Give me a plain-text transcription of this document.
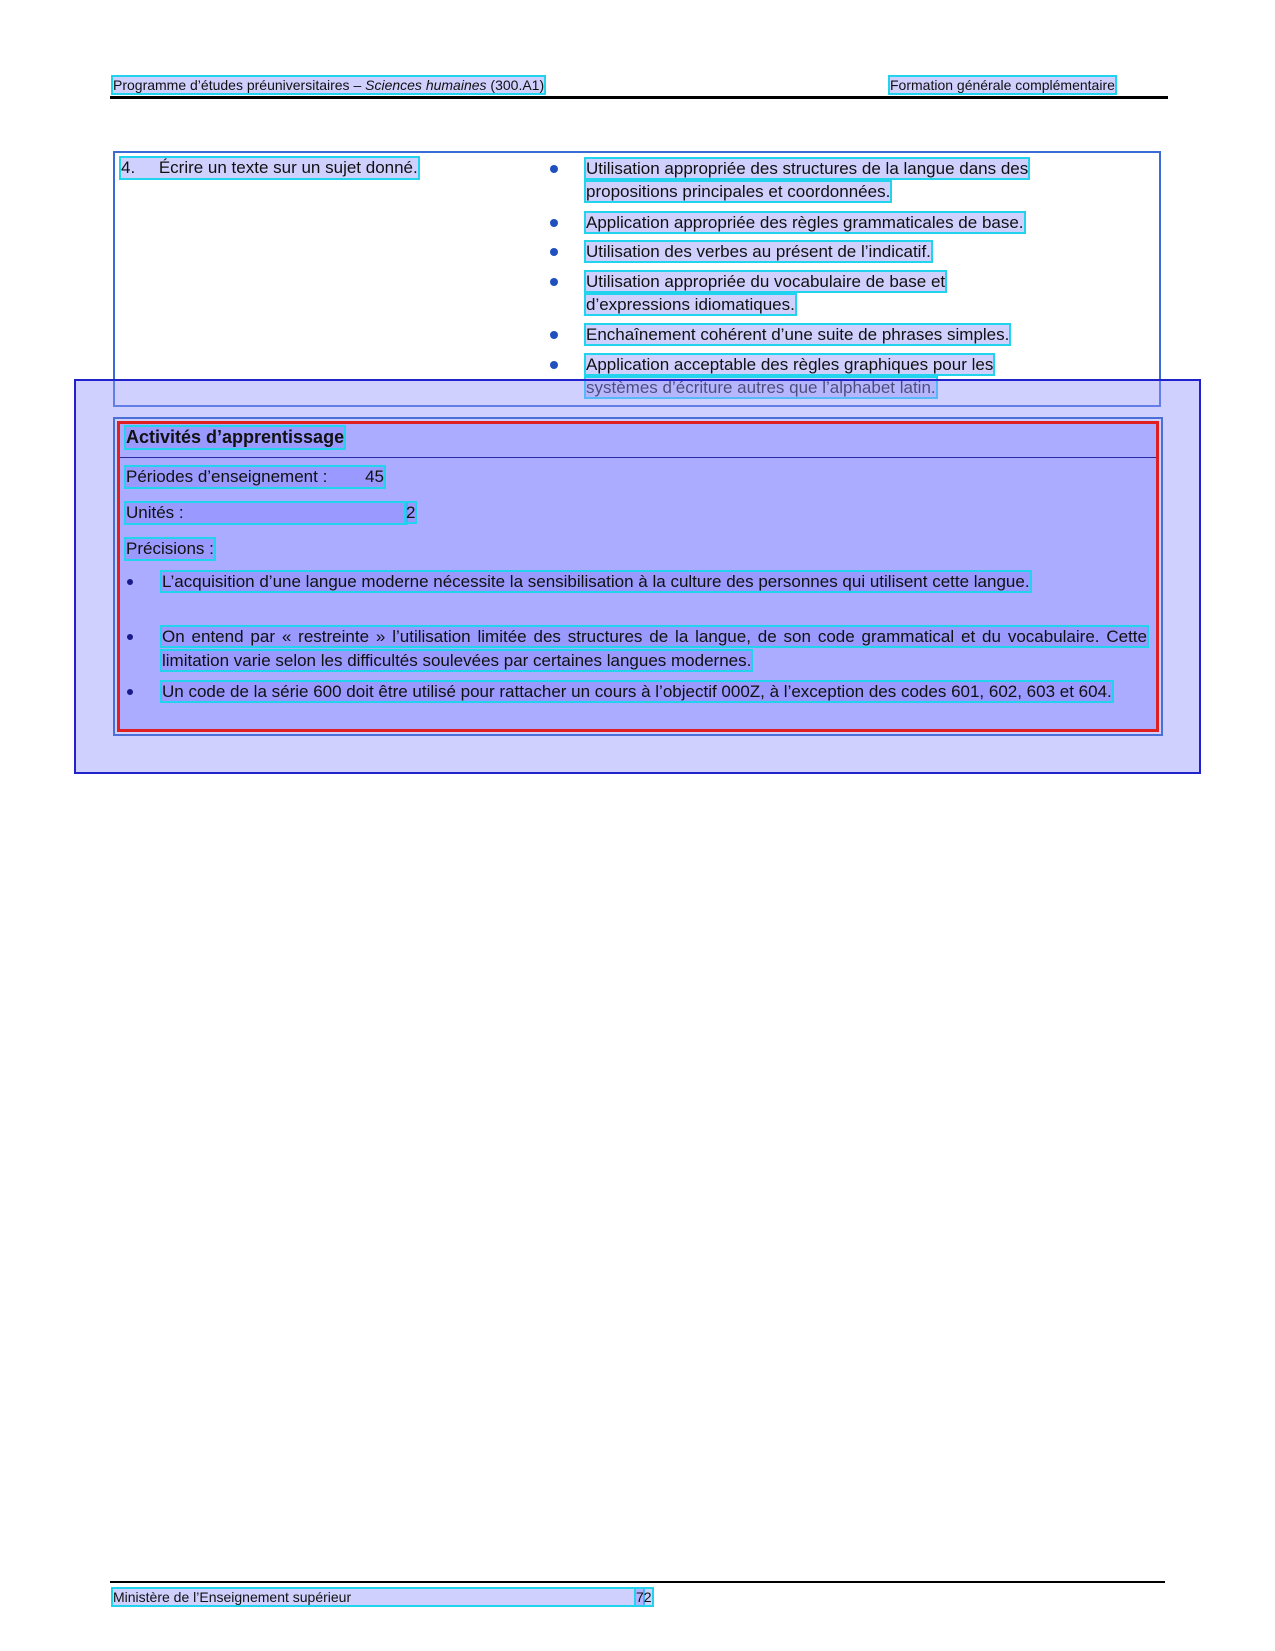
Programme d’études préuniversitaires – Sciences humaines (300.A1)	Formation générale complémentaire
4. Écrire un texte sur un sujet donné.	Utilisation appropriée des structures de la langue dans des
propositions principales et coordonnées.
Application appropriée des règles grammaticales de base.
Utilisation des verbes au présent de l’indicatif.
Utilisation appropriée du vocabulaire de base et
d’expressions idiomatiques.
Enchaînement cohérent d’une suite de phrases simples.
Application acceptable des règles graphiques pour les
systèmes d’écriture autres que l’alphabet latin.
Activités d’apprentissage
Périodes d’enseignement : 45
Unités :	2
Précisions :
L’acquisition d’une langue moderne nécessite la sensibilisation à la culture des personnes qui utilisent cette langue.
On entend par « restreinte » l’utilisation limitée des structures de la langue, de son code grammatical et du vocabulaire. Cette limitation varie selon les difficultés soulevées par certaines langues modernes.
Un code de la série 600 doit être utilisé pour rattacher un cours à l’objectif 000Z, à l’exception des codes 601, 602, 603 et 604.
Ministère de l’Enseignement supérieur	72
